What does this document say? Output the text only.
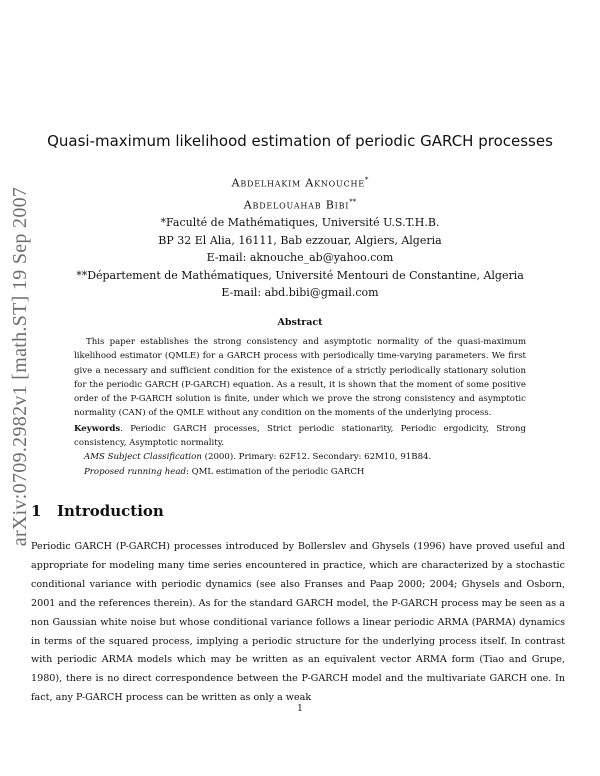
arXiv:0709.2982v1 [math.ST] 19 Sep 2007
Quasi-maximum likelihood estimation of periodic GARCH processes
Abdelhakim Aknouche*
Abdelouahab Bibi**
*Faculté de Mathématiques, Université U.S.T.H.B.
BP 32 El Alia, 16111, Bab ezzouar, Algiers, Algeria
E-mail: aknouche_ab@yahoo.com
**Département de Mathématiques, Université Mentouri de Constantine, Algeria
E-mail: abd.bibi@gmail.com
Abstract

This paper establishes the strong consistency and asymptotic normality of the quasi-maximum likelihood estimator (QMLE) for a GARCH process with periodically time-varying parameters. We first give a necessary and sufficient condition for the existence of a strictly periodically stationary solution for the periodic GARCH (P-GARCH) equation. As a result, it is shown that the moment of some positive order of the P-GARCH solution is finite, under which we prove the strong consistency and asymptotic normality (CAN) of the QMLE without any condition on the moments of the underlying process.

Keywords. Periodic GARCH processes, Strict periodic stationarity, Periodic ergodicity, Strong consistency, Asymptotic normality.

AMS Subject Classification (2000). Primary: 62F12. Secondary: 62M10, 91B84.

Proposed running head: QML estimation of the periodic GARCH

1 Introduction

Periodic GARCH (P-GARCH) processes introduced by Bollerslev and Ghysels (1996) have proved useful and appropriate for modeling many time series encountered in practice, which are characterized by a stochastic conditional variance with periodic dynamics (see also Franses and Paap 2000; 2004; Ghysels and Osborn, 2001 and the references therein). As for the standard GARCH model, the P-GARCH process may be seen as a non Gaussian white noise but whose conditional variance follows a linear periodic ARMA (PARMA) dynamics in terms of the squared process, implying a periodic structure for the underlying process itself. In contrast with periodic ARMA models which may be written as an equivalent vector ARMA form (Tiao and Grupe, 1980), there is no direct correspondence between the P-GARCH model and the multivariate GARCH one. In fact, any P-GARCH process can be written as only a weak

1
